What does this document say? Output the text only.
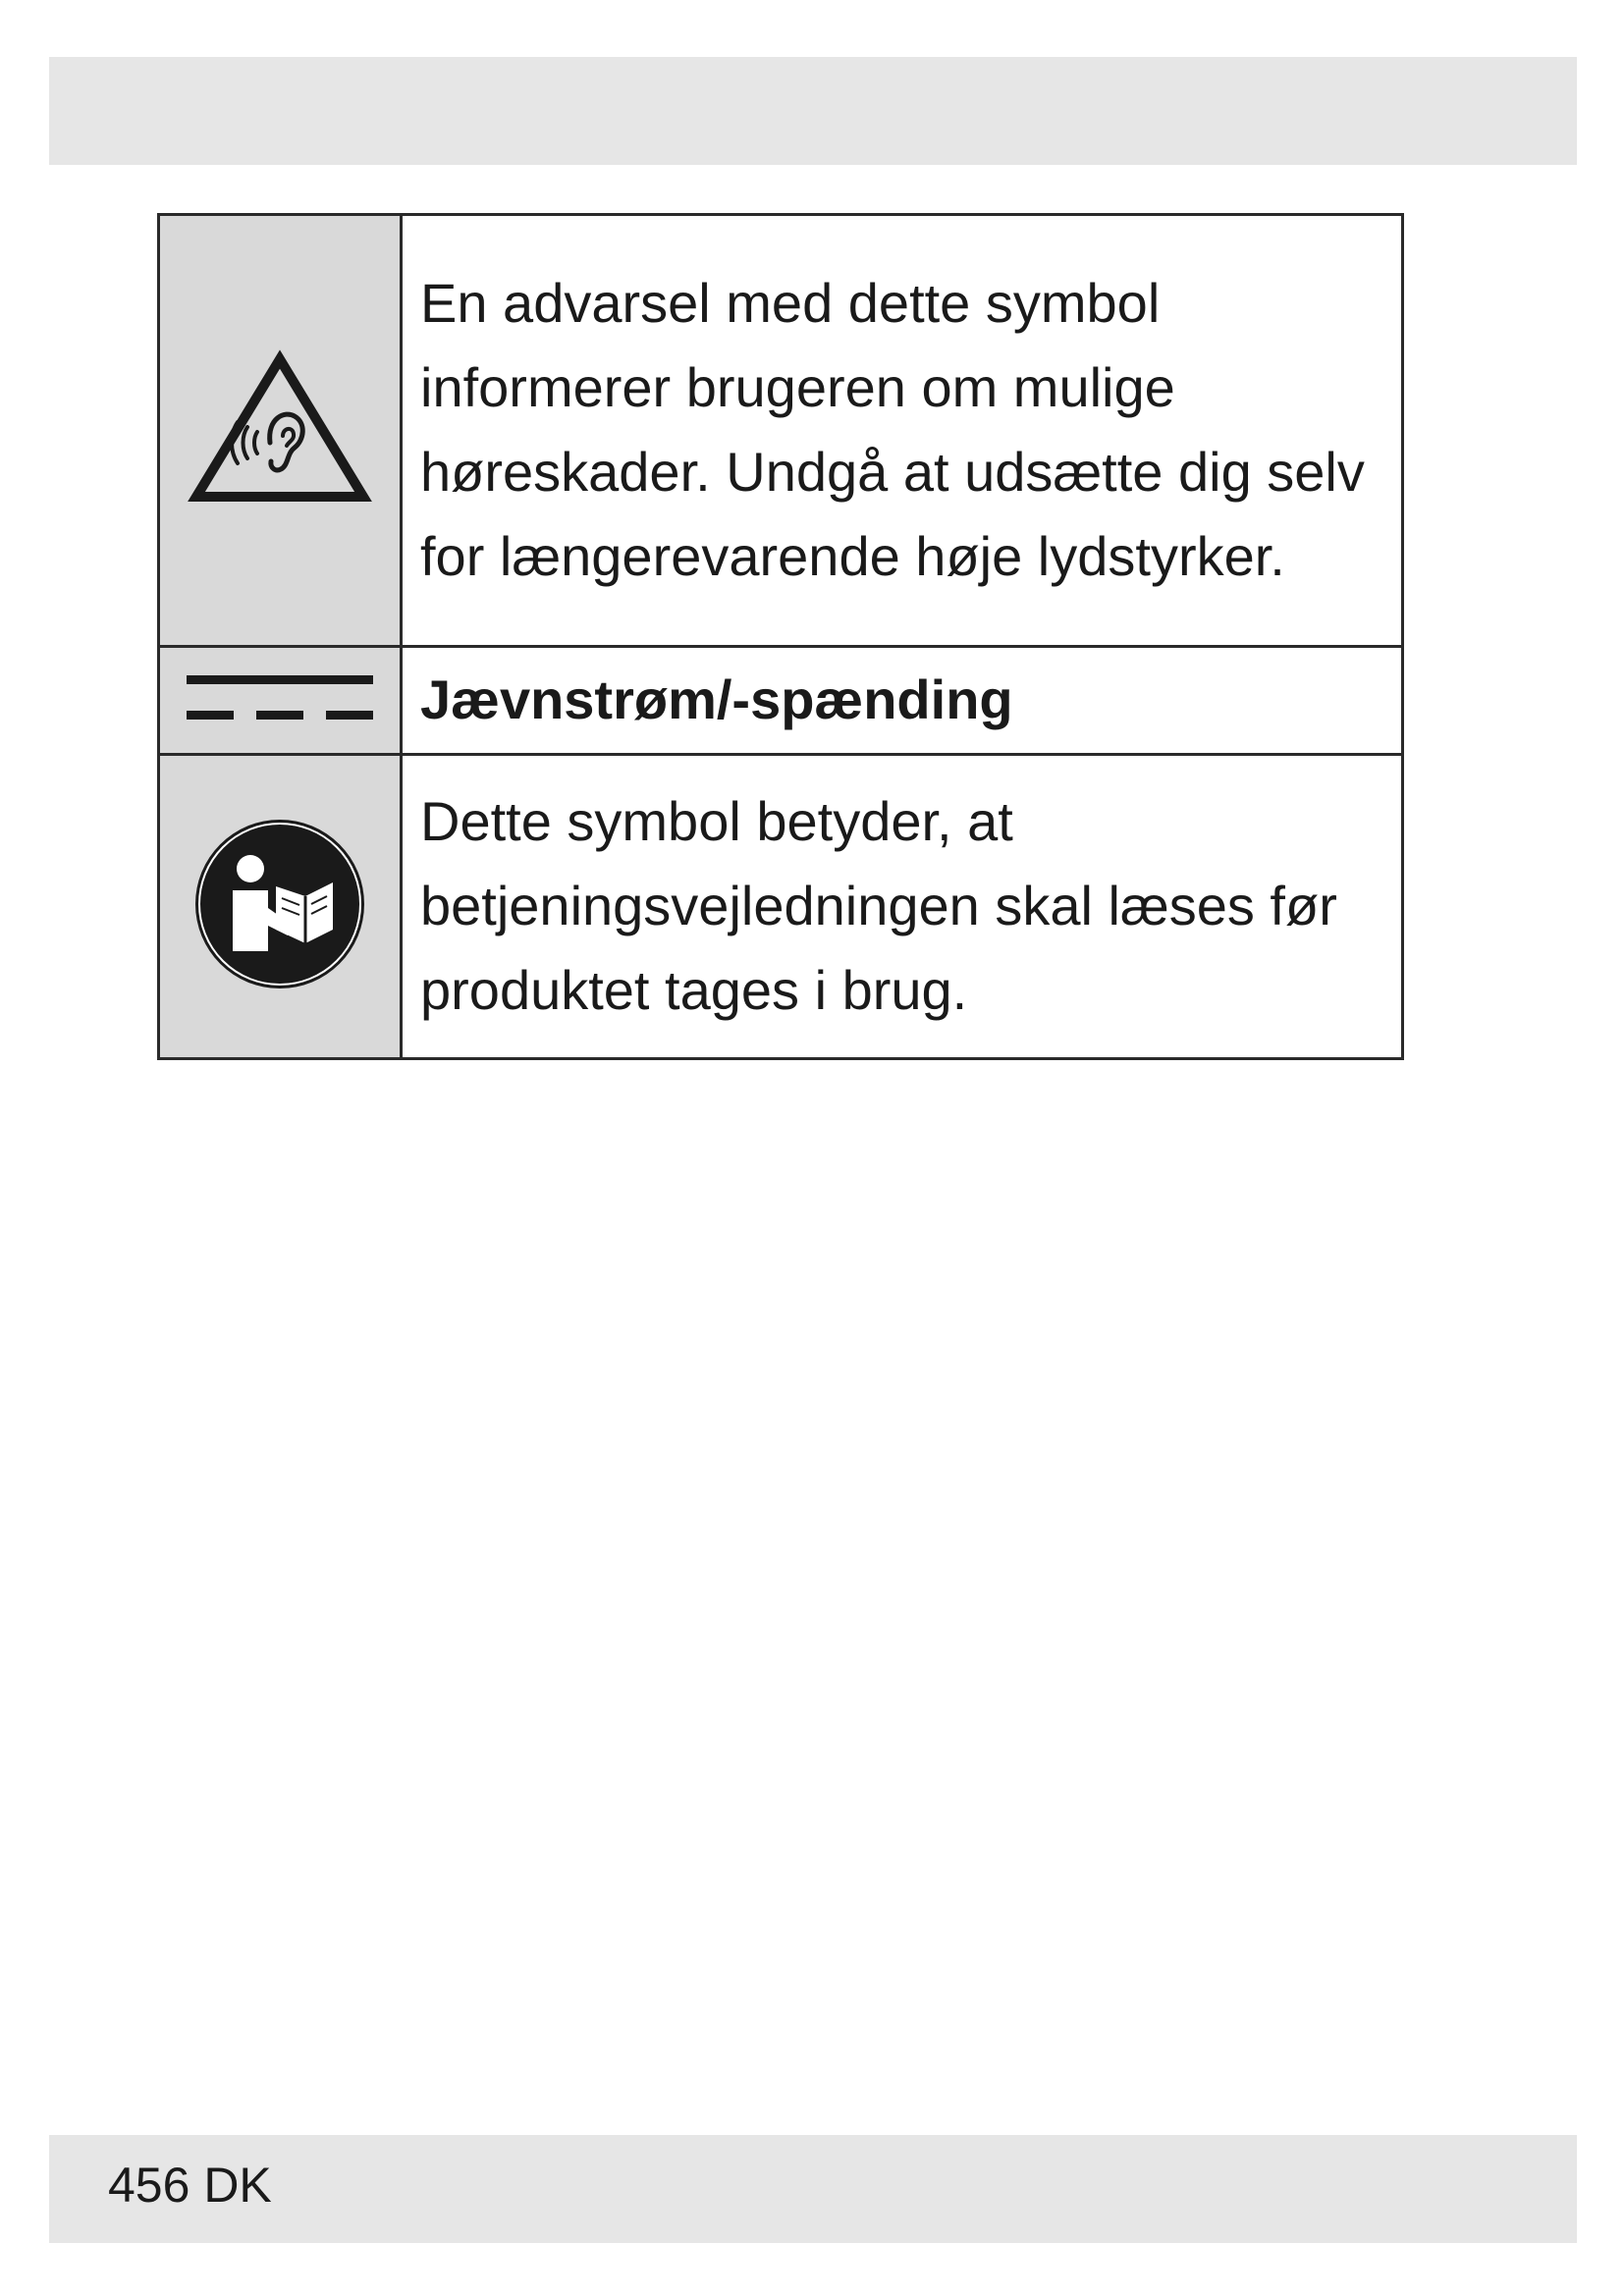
	En advarsel med dette symbol informerer brugeren om mulige høreskader. Undgå at udsætte dig selv for længerevarende høje lydstyrker.
	Jævnstrøm/-spænding
	Dette symbol betyder, at betjeningsvejledningen skal læses før produktet tages i brug.
456 DK
